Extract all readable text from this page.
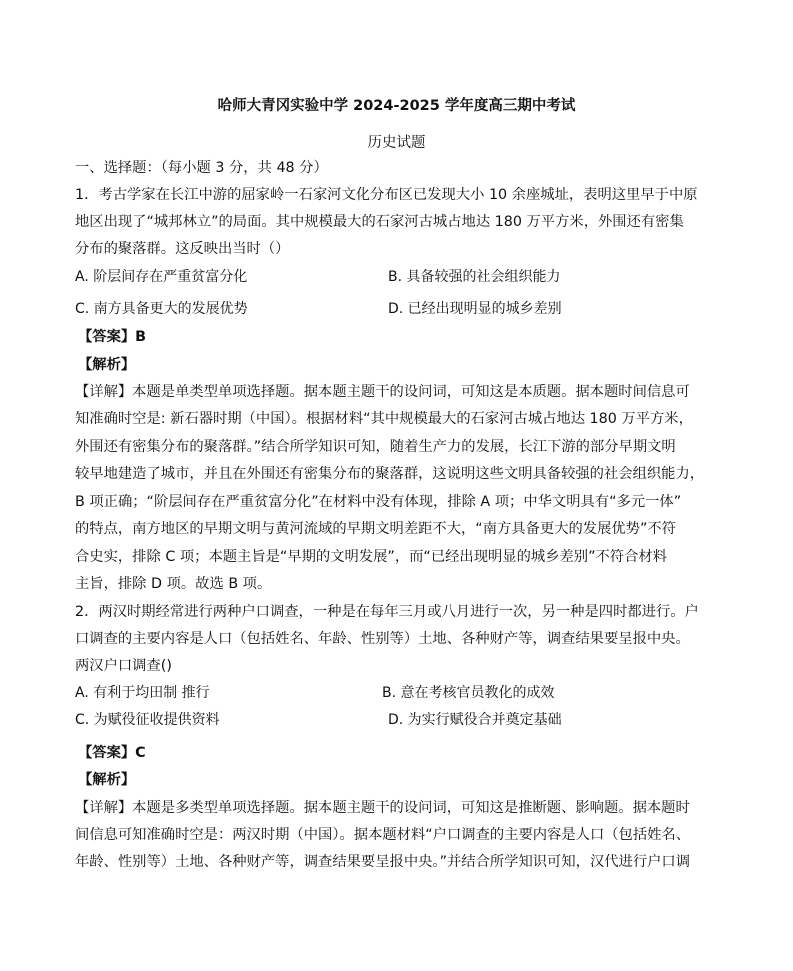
哈师大青冈实验中学 2024-2025 学年度高三期中考试
历史试题
一、选择题：（每小题 3 分，共 48 分）
1．考古学家在长江中游的屈家岭一石家河文化分布区已发现大小 10 余座城址，表明这里早于中原
地区出现了“城邦林立”的局面。其中规模最大的石家河古城占地达 180 万平方米，外围还有密集
分布的聚落群。这反映出当时（）
A. 阶层间存在严重贫富分化	B. 具备较强的社会组织能力
C. 南方具备更大的发展优势	D. 已经出现明显的城乡差别
【答案】B
【解析】
【详解】本题是单类型单项选择题。据本题主题干的设问词，可知这是本质题。据本题时间信息可
知准确时空是: 新石器时期（中国）。根据材料“其中规模最大的石家河古城占地达 180 万平方米，
外围还有密集分布的聚落群。”结合所学知识可知，随着生产力的发展，长江下游的部分早期文明
较早地建造了城市，并且在外围还有密集分布的聚落群，这说明这些文明具备较强的社会组织能力，
B 项正确；“阶层间存在严重贫富分化”在材料中没有体现，排除 A 项；中华文明具有“多元一体”
的特点，南方地区的早期文明与黄河流域的早期文明差距不大，“南方具备更大的发展优势”不符
合史实，排除 C 项；本题主旨是“早期的文明发展”，而“已经出现明显的城乡差别”不符合材料
主旨，排除 D 项。故选 B 项。
2．两汉时期经常进行两种户口调查，一种是在每年三月或八月进行一次，另一种是四时都进行。户
口调查的主要内容是人口（包括姓名、年龄、性别等）土地、各种财产等，调查结果要呈报中央。
两汉户口调查()
A. 有利于均田制 推行	B. 意在考核官员教化的成效
C. 为赋役征收提供资料	D. 为实行赋役合并奠定基础
【答案】C
【解析】
【详解】本题是多类型单项选择题。据本题主题干的设问词，可知这是推断题、影响题。据本题时
间信息可知准确时空是：两汉时期（中国）。据本题材料“户口调查的主要内容是人口（包括姓名、
年龄、性别等）土地、各种财产等，调查结果要呈报中央。”并结合所学知识可知，汉代进行户口调
